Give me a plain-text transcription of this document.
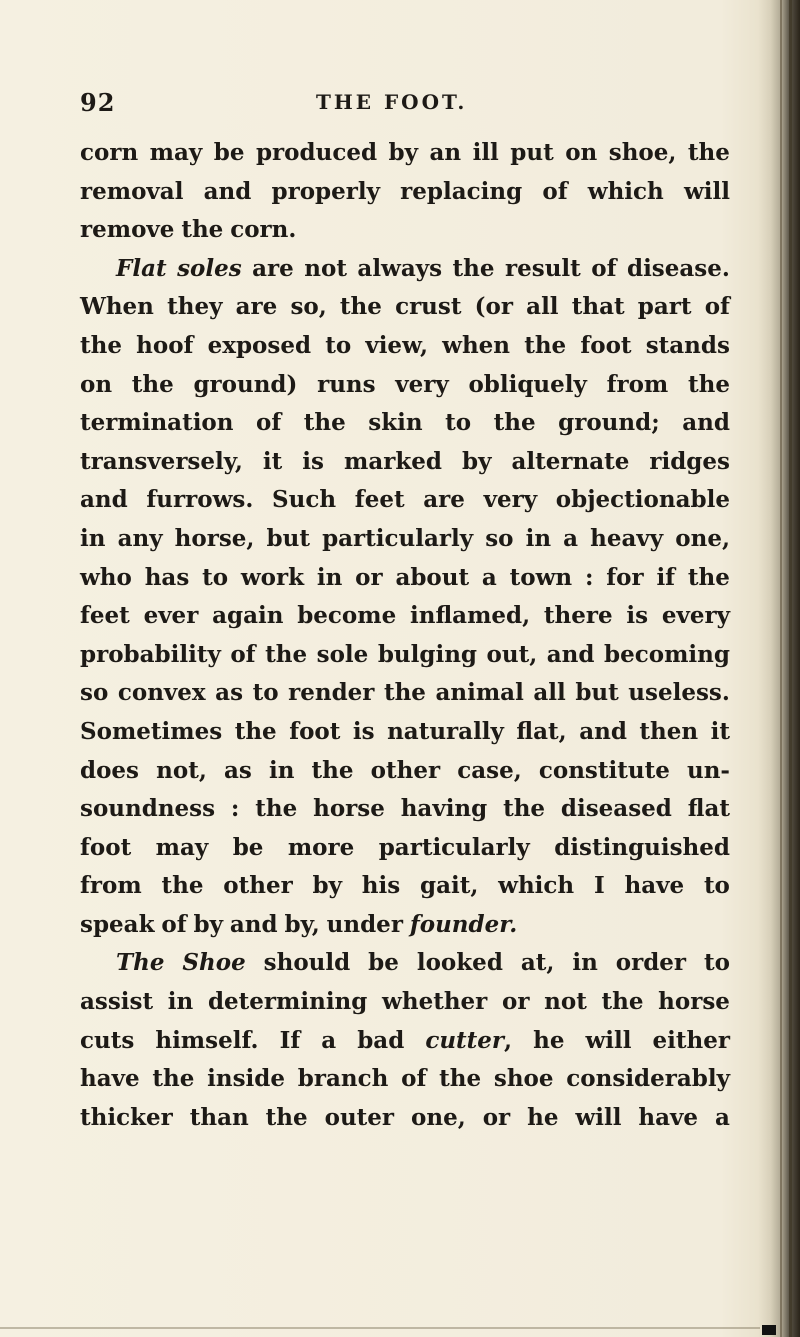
92	THE FOOT.
corn may be produced by an ill put on shoe, the
removal and properly replacing of which will
remove the corn.
Flat soles are not always the result of disease.
When they are so, the crust (or all that part of
the hoof exposed to view, when the foot stands
on the ground) runs very obliquely from the
termination of the skin to the ground; and
transversely, it is marked by alternate ridges
and furrows. Such feet are very objectionable
in any horse, but particularly so in a heavy one,
who has to work in or about a town : for if the
feet ever again become inflamed, there is every
probability of the sole bulging out, and becoming
so convex as to render the animal all but useless.
Sometimes the foot is naturally flat, and then it
does not, as in the other case, constitute un-
soundness : the horse having the diseased flat
foot may be more particularly distinguished
from the other by his gait, which I have to
speak of by and by, under founder.
The Shoe should be looked at, in order to
assist in determining whether or not the horse
cuts himself. If a bad cutter, he will either
have the inside branch of the shoe considerably
thicker than the outer one, or he will have a
